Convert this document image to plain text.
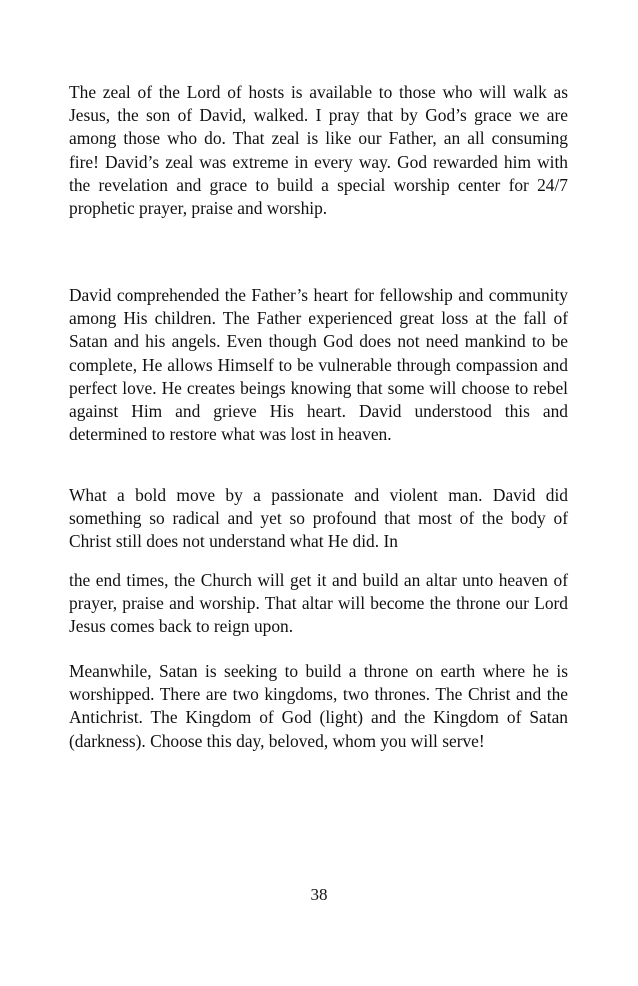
The zeal of the Lord of hosts is available to those who will walk as Jesus, the son of David, walked. I pray that by God’s grace we are among those who do. That zeal is like our Father, an all consuming fire! David’s zeal was extreme in every way. God rewarded him with the revelation and grace to build a special worship center for 24/7 prophetic prayer, praise and worship.

David comprehended the Father’s heart for fellowship and community among His children. The Father experienced great loss at the fall of Satan and his angels. Even though God does not need mankind to be complete, He allows Himself to be vulnerable through compassion and perfect love. He creates beings knowing that some will choose to rebel against Him and grieve His heart. David understood this and determined to restore what was lost in heaven.

What a bold move by a passionate and violent man. David did something so radical and yet so profound that most of the body of Christ still does not understand what He did. In

the end times, the Church will get it and build an altar unto heaven of prayer, praise and worship. That altar will become the throne our Lord Jesus comes back to reign upon.

Meanwhile, Satan is seeking to build a throne on earth where he is worshipped. There are two kingdoms, two thrones. The Christ and the Antichrist. The Kingdom of God (light) and the Kingdom of Satan (darkness). Choose this day, beloved, whom you will serve!

38
